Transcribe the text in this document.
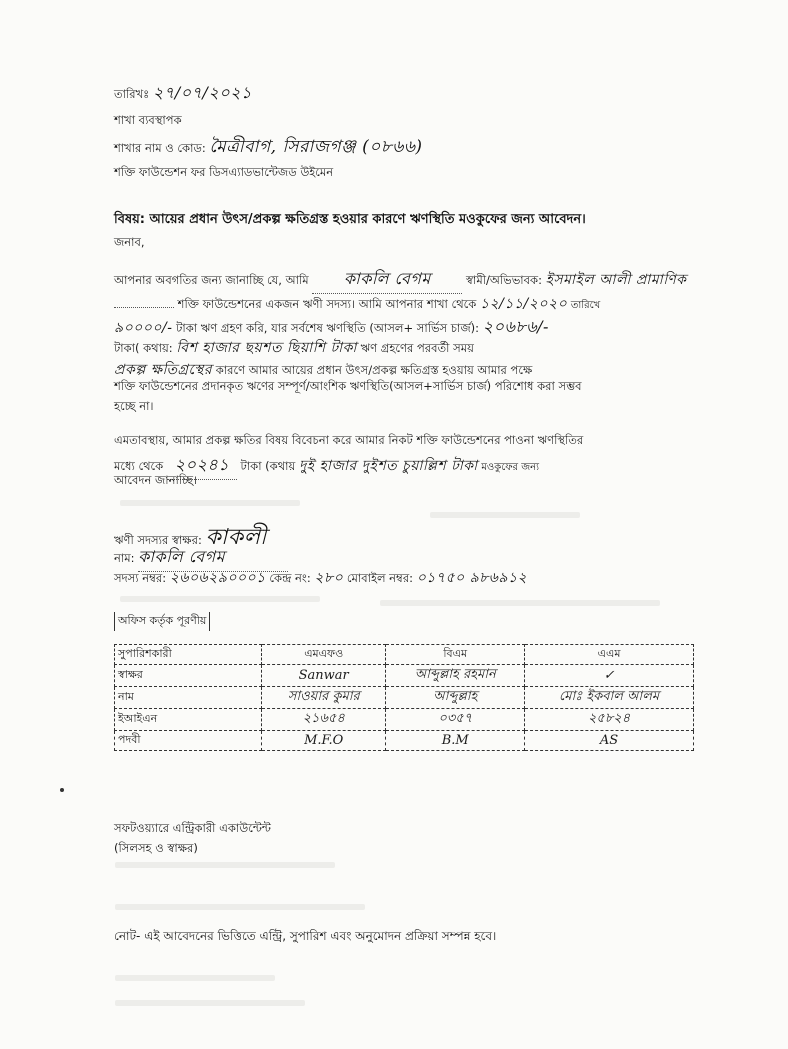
তারিখঃ ২৭/০৭/২০২১
শাখা ব্যবস্থাপক
শাখার নাম ও কোড: মৈত্রীবাগ, সিরাজগঞ্জ (০৮৬৬)
শক্তি ফাউন্ডেশন ফর ডিসএ্যাডভান্টেজড উইমেন
বিষয়: আয়ের প্রধান উৎস/প্রকল্প ক্ষতিগ্রস্ত হওয়ার কারণে ঋণস্থিতি মওকুফের জন্য আবেদন।
জনাব,
আপনার অবগতির জন্য জানাচ্ছি যে, আমি কাকলি বেগম	স্বামী/অভিভাবক: ইসমাইল আলী প্রামাণিক
শক্তি ফাউন্ডেশনের একজন ঋণী সদস্য। আমি আপনার শাখা থেকে ১২/১১/২০২০ তারিখে
৯০০০০/- টাকা ঋণ গ্রহণ করি, যার সর্বশেষ ঋণস্থিতি (আসল+ সার্ভিস চার্জ): ২০৬৮৬/-
টাকা( কথায়: বিশ হাজার ছয়শত ছিয়াশি টাকা ঋণ গ্রহণের পরবর্তী সময়
প্রকল্প ক্ষতিগ্রস্থের কারণে আমার আয়ের প্রধান উৎস/প্রকল্প ক্ষতিগ্রস্ত হওয়ায় আমার পক্ষে
শক্তি ফাউন্ডেশনের প্রদানকৃত ঋণের সম্পূর্ণ/আংশিক ঋণস্থিতি(আসল+সার্ভিস চার্জ) পরিশোধ করা সম্ভব
হচ্ছে না।
এমতাবস্থায়, আমার প্রকল্প ক্ষতির বিষয় বিবেচনা করে আমার নিকট শক্তি ফাউন্ডেশনের পাওনা ঋণস্থিতির
মধ্যে থেকে ২০২৪১ টাকা (কথায় দুই হাজার দুইশত চুয়াল্লিশ টাকা মওকুফের জন্য
আবেদন জানাচ্ছি।
ঋণী সদস্যর স্বাক্ষর: কাকলী
নাম: কাকলি বেগম
সদস্য নম্বর: ২৬০৬২৯০০০১ কেন্দ্র নং: ২৮০ মোবাইল নম্বর: ০১৭৫০ ৯৮৬৯১২
অফিস কর্তৃক পূরণীয়
সুপারিশকারী	এমএফও	বিএম	এএম
স্বাক্ষর	Sanwar	আব্দুল্লাহ রহমান	✓

নাম	সাওয়ার কুমার	আব্দুল্লাহ	মোঃ ইকবাল আলম

ইআইএন	২১৬৫৪	০৩৫৭	২৫৮২৪

পদবী	M.F.O	B.M	AS
সফটওয়্যারে এন্ট্রিকারী একাউন্টেন্ট
(সিলসহ ও স্বাক্ষর)
নোট- এই আবেদনের ভিত্তিতে এন্ট্রি, সুপারিশ এবং অনুমোদন প্রক্রিয়া সম্পন্ন হবে।
